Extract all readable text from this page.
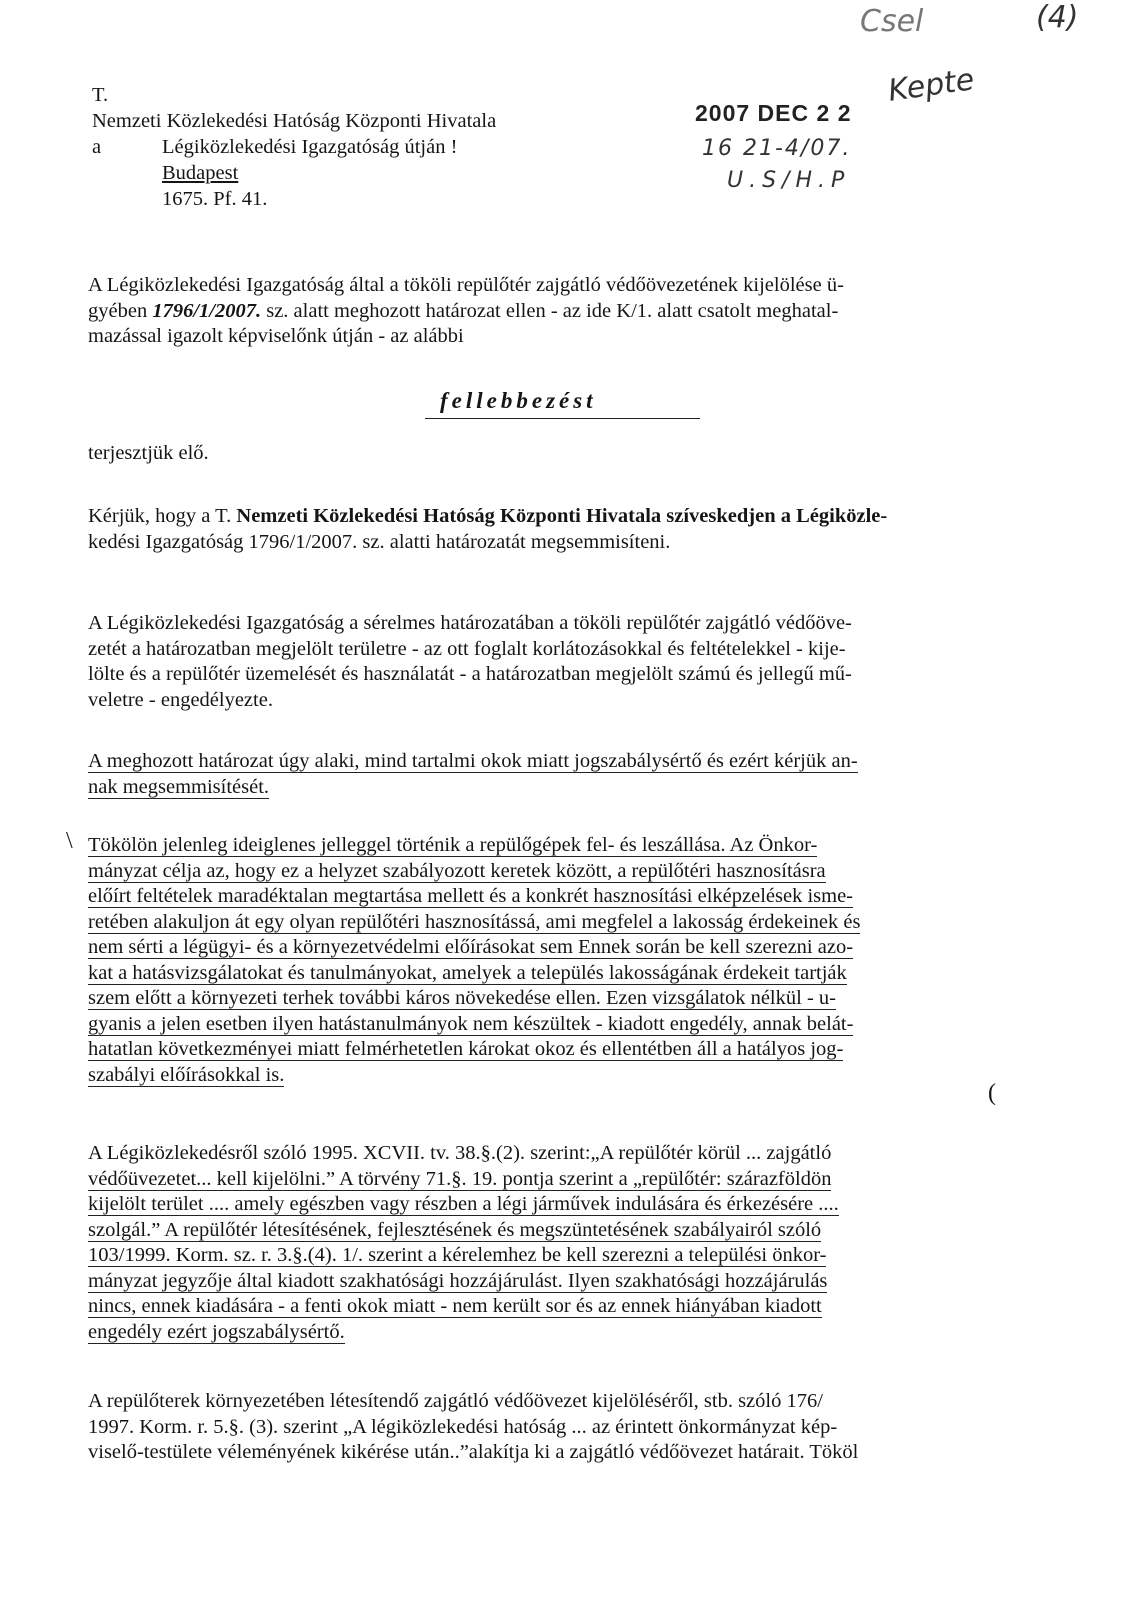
T.
Nemzeti Közlekedési Hatóság Központi Hivatala
a	Légiközlekedési Igazgatóság útján !
Budapest
1675. Pf. 41.
2007 DEC 2 2
16 21-4/07.
U.S/H.P
Kepte
Csel	(4)
A Légiközlekedési Igazgatóság által a tököli repülőtér zajgátló védőövezetének kijelölése ü-
gyében 1796/1/2007. sz. alatt meghozott határozat ellen - az ide K/1. alatt csatolt meghatal-
mazással igazolt képviselőnk útján - az alábbi
fellebbezést
terjesztjük elő.
Kérjük, hogy a T. Nemzeti Közlekedési Hatóság Központi Hivatala szíveskedjen a Légiközle-
kedési Igazgatóság 1796/1/2007. sz. alatti határozatát megsemmisíteni.
A Légiközlekedési Igazgatóság a sérelmes határozatában a tököli repülőtér zajgátló védőöve-
zetét a határozatban megjelölt területre - az ott foglalt korlátozásokkal és feltételekkel - kije-
lölte és a repülőtér üzemelését és használatát - a határozatban megjelölt számú és jellegű mű-
veletre - engedélyezte.
A meghozott határozat úgy alaki, mind tartalmi okok miatt jogszabálysértő és ezért kérjük an-
nak megsemmisítését.
\ Tökölön jelenleg ideiglenes jelleggel történik a repülőgépek fel- és leszállása. Az Önkor-
mányzat célja az, hogy ez a helyzet szabályozott keretek között, a repülőtéri hasznosításra
előírt feltételek maradéktalan megtartása mellett és a konkrét hasznosítási elképzelések isme-
retében alakuljon át egy olyan repülőtéri hasznosítássá, ami megfelel a lakosság érdekeinek és
nem sérti a légügyi- és a környezetvédelmi előírásokat sem Ennek során be kell szerezni azo-
kat a hatásvizsgálatokat és tanulmányokat, amelyek a település lakosságának érdekeit tartják
szem előtt a környezeti terhek további káros növekedése ellen. Ezen vizsgálatok nélkül - u-
gyanis a jelen esetben ilyen hatástanulmányok nem készültek - kiadott engedély, annak belát-
hatatlan következményei miatt felmérhetetlen károkat okoz és ellentétben áll a hatályos jog-
szabályi előírásokkal is.
(
A Légiközlekedésről szóló 1995. XCVII. tv. 38.§.(2). szerint:„A repülőtér körül ... zajgátló
védőüvezetet... kell kijelölni.” A törvény 71.§. 19. pontja szerint a „repülőtér: szárazföldön
kijelölt terület .... amely egészben vagy részben a légi járművek indulására és érkezésére ....
szolgál.” A repülőtér létesítésének, fejlesztésének és megszüntetésének szabályairól szóló
103/1999. Korm. sz. r. 3.§.(4). 1/. szerint a kérelemhez be kell szerezni a települési önkor-
mányzat jegyzője által kiadott szakhatósági hozzájárulást. Ilyen szakhatósági hozzájárulás
nincs, ennek kiadására - a fenti okok miatt - nem került sor és az ennek hiányában kiadott
engedély ezért jogszabálysértő.
A repülőterek környezetében létesítendő zajgátló védőövezet kijelöléséről, stb. szóló 176/
1997. Korm. r. 5.§. (3). szerint „A légiközlekedési hatóság ... az érintett önkormányzat kép-
viselő-testülete véleményének kikérése után..”alakítja ki a zajgátló védőövezet határait. Tököl
